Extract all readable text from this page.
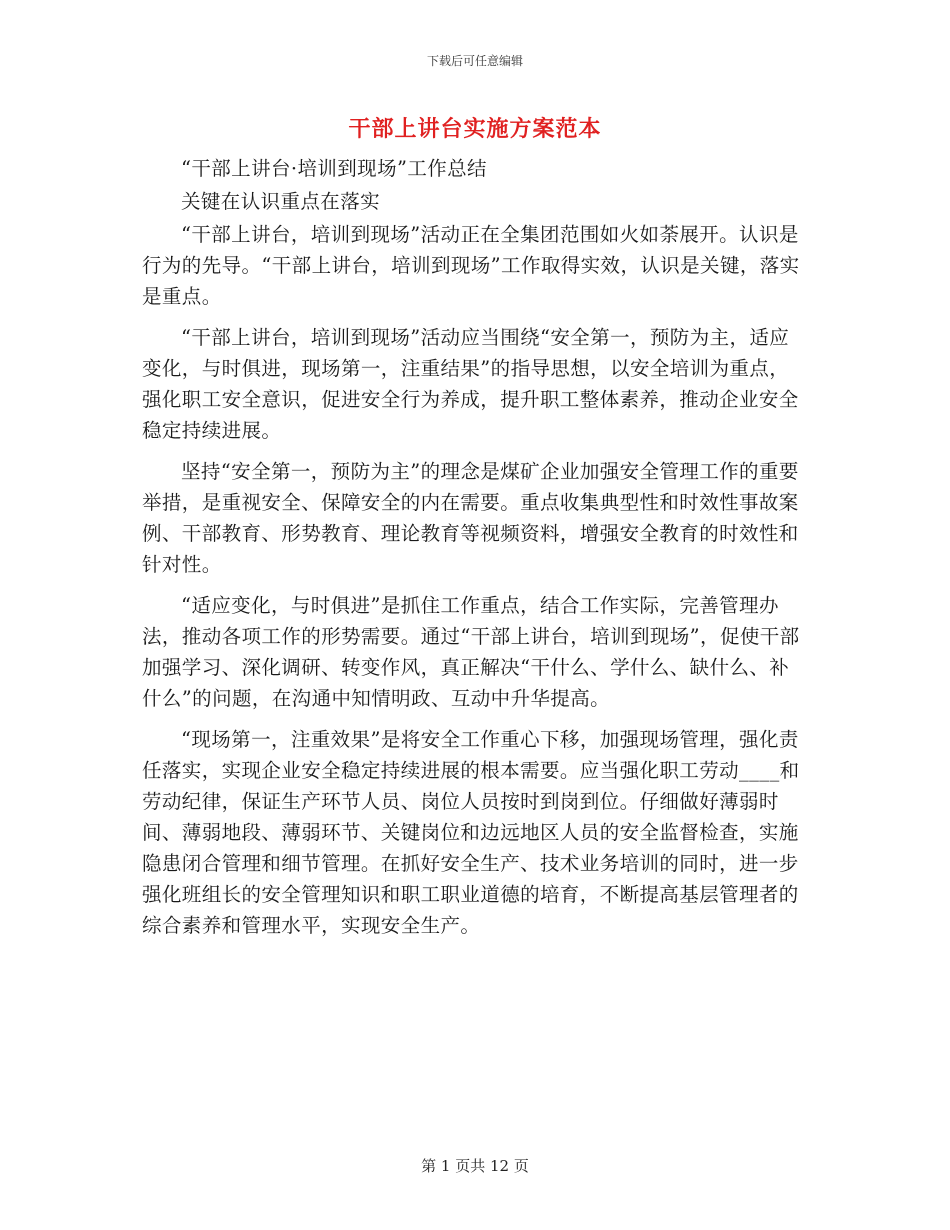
下载后可任意编辑
干部上讲台实施方案范本

“干部上讲台·培训到现场”工作总结

关键在认识重点在落实

“干部上讲台，培训到现场”活动正在全集团范围如火如荼展开。认识是行为的先导。“干部上讲台，培训到现场”工作取得实效，认识是关键，落实是重点。

“干部上讲台，培训到现场”活动应当围绕“安全第一，预防为主，适应变化，与时俱进，现场第一，注重结果”的指导思想，以安全培训为重点，强化职工安全意识，促进安全行为养成，提升职工整体素养，推动企业安全稳定持续进展。

坚持“安全第一，预防为主”的理念是煤矿企业加强安全管理工作的重要举措，是重视安全、保障安全的内在需要。重点收集典型性和时效性事故案例、干部教育、形势教育、理论教育等视频资料，增强安全教育的时效性和针对性。

“适应变化，与时俱进”是抓住工作重点，结合工作实际，完善管理办法，推动各项工作的形势需要。通过“干部上讲台，培训到现场”，促使干部加强学习、深化调研、转变作风，真正解决“干什么、学什么、缺什么、补什么”的问题，在沟通中知情明政、互动中升华提高。

“现场第一，注重效果”是将安全工作重心下移，加强现场管理，强化责任落实，实现企业安全稳定持续进展的根本需要。应当强化职工劳动____和劳动纪律，保证生产环节人员、岗位人员按时到岗到位。仔细做好薄弱时间、薄弱地段、薄弱环节、关键岗位和边远地区人员的安全监督检查，实施隐患闭合管理和细节管理。在抓好安全生产、技术业务培训的同时，进一步强化班组长的安全管理知识和职工职业道德的培育，不断提高基层管理者的综合素养和管理水平，实现安全生产。

第 1 页共 12 页
